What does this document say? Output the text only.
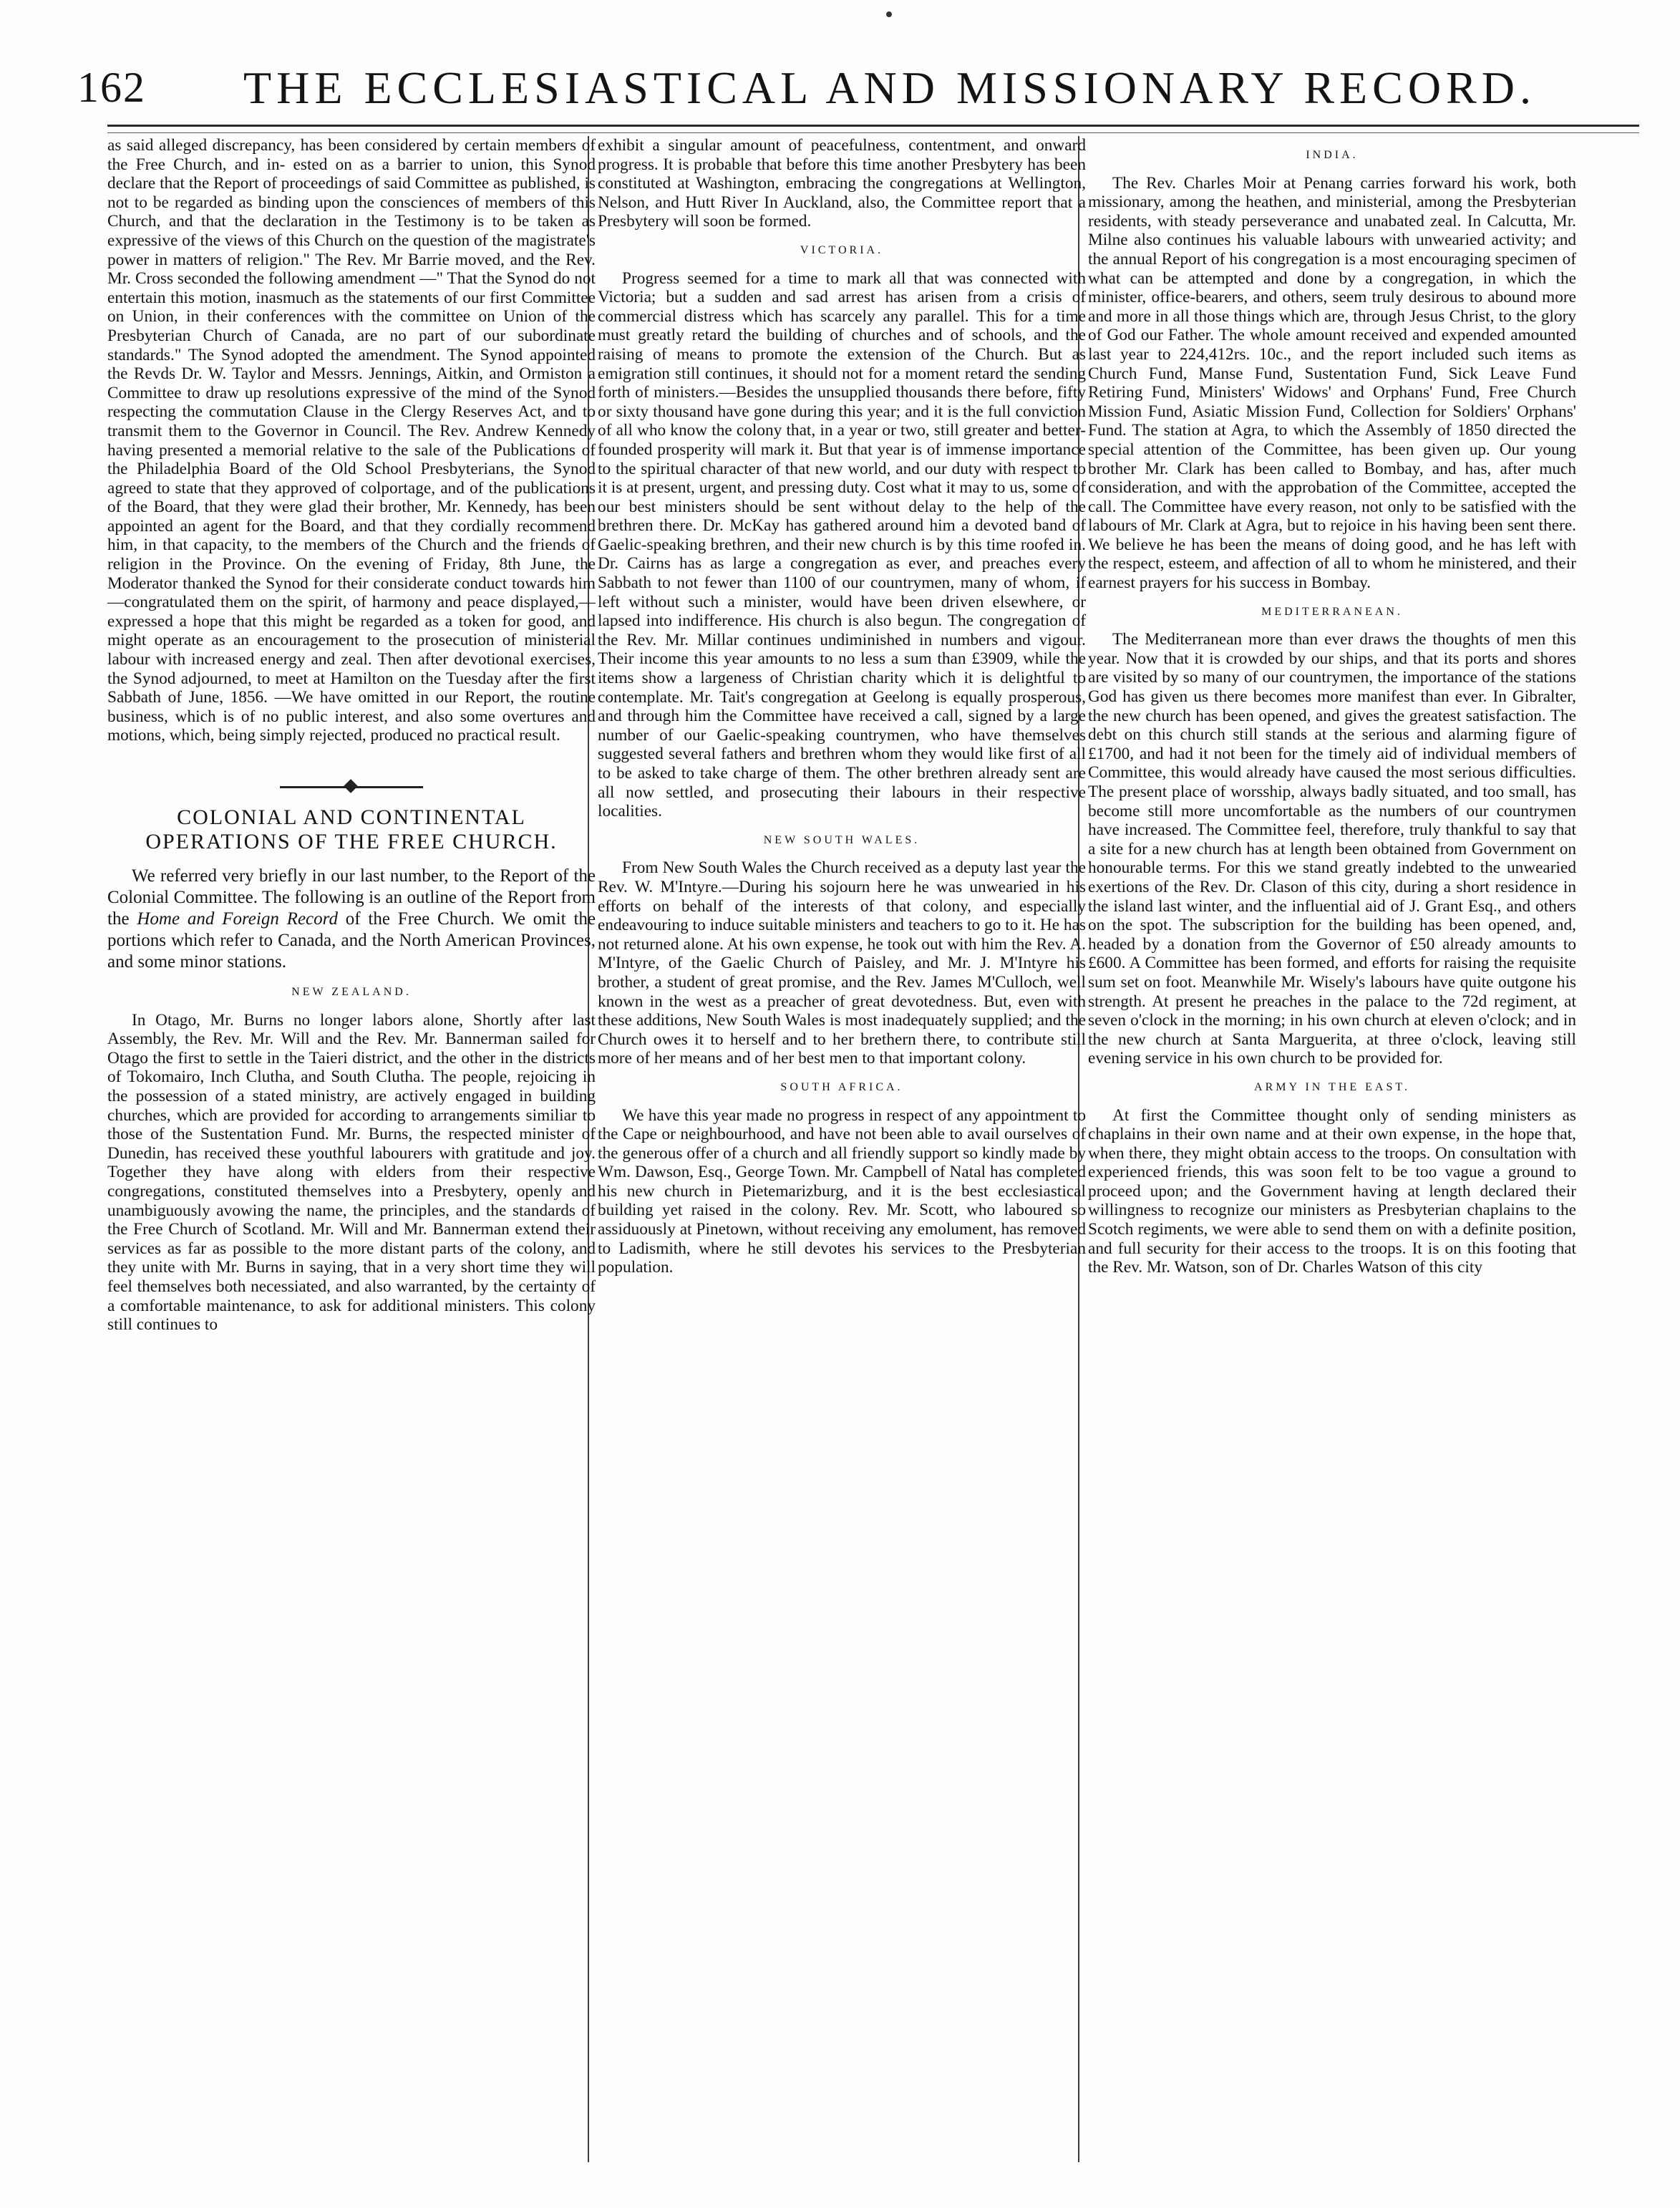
162	THE ECCLESIASTICAL AND MISSIONARY RECORD.

as said alleged discrepancy, has been considered by certain members of the Free Church, and in- ested on as a barrier to union, this Synod declare that the Report of proceedings of said Committee as published, is not to be regarded as binding upon the consciences of members of this Church, and that the declaration in the Testimony is to be taken as expressive of the views of this Church on the question of the magistrate's power in matters of religion." The Rev. Mr Barrie moved, and the Rev. Mr. Cross seconded the following amendment —" That the Synod do not entertain this motion, inasmuch as the statements of our first Committee on Union, in their conferences with the committee on Union of the Presbyterian Church of Canada, are no part of our subordinate standards." The Synod adopted the amendment. The Synod appointed the Revds Dr. W. Taylor and Messrs. Jennings, Aitkin, and Ormiston a Committee to draw up resolutions expressive of the mind of the Synod respecting the commutation Clause in the Clergy Reserves Act, and to transmit them to the Governor in Council. The Rev. Andrew Kennedy having presented a memorial relative to the sale of the Publications of the Philadelphia Board of the Old School Presbyterians, the Synod agreed to state that they approved of colportage, and of the publications of the Board, that they were glad their brother, Mr. Kennedy, has been appointed an agent for the Board, and that they cordially recommend him, in that capacity, to the members of the Church and the friends of religion in the Province. On the evening of Friday, 8th June, the Moderator thanked the Synod for their considerate conduct towards him—congratulated them on the spirit, of harmony and peace displayed,—expressed a hope that this might be regarded as a token for good, and might operate as an encouragement to the prosecution of ministerial labour with increased energy and zeal. Then after devotional exercises, the Synod adjourned, to meet at Hamilton on the Tuesday after the first Sabbath of June, 1856. —We have omitted in our Report, the routine business, which is of no public interest, and also some overtures and motions, which, being simply rejected, produced no practical result.

COLONIAL AND CONTINENTAL OPERATIONS OF THE FREE CHURCH.

We referred very briefly in our last number, to the Report of the Colonial Committee. The following is an outline of the Report from the Home and Foreign Record of the Free Church. We omit the portions which refer to Canada, and the North American Provinces, and some minor stations.

NEW ZEALAND.

In Otago, Mr. Burns no longer labors alone, Shortly after last Assembly, the Rev. Mr. Will and the Rev. Mr. Bannerman sailed for Otago the first to settle in the Taieri district, and the other in the districts of Tokomairo, Inch Clutha, and South Clutha. The people, rejoicing in the possession of a stated ministry, are actively engaged in building churches, which are provided for according to arrangements similiar to those of the Sustentation Fund. Mr. Burns, the respected minister of Dunedin, has received these youthful labourers with gratitude and joy. Together they have along with elders from their respective congregations, constituted themselves into a Presbytery, openly and unambiguously avowing the name, the principles, and the standards of the Free Church of Scotland. Mr. Will and Mr. Bannerman extend their services as far as possible to the more distant parts of the colony, and they unite with Mr. Burns in saying, that in a very short time they will feel themselves both necessiated, and also warranted, by the certainty of a comfortable maintenance, to ask for additional ministers. This colony still continues to

exhibit a singular amount of peacefulness, contentment, and onward progress. It is probable that before this time another Presbytery has been constituted at Washington, embracing the congregations at Wellington, Nelson, and Hutt River In Auckland, also, the Committee report that a Presbytery will soon be formed.

VICTORIA.

Progress seemed for a time to mark all that was connected with Victoria; but a sudden and sad arrest has arisen from a crisis of commercial distress which has scarcely any parallel. This for a time must greatly retard the building of churches and of schools, and the raising of means to promote the extension of the Church. But as emigration still continues, it should not for a moment retard the sending forth of ministers.—Besides the unsupplied thousands there before, fifty or sixty thousand have gone during this year; and it is the full conviction of all who know the colony that, in a year or two, still greater and better-founded prosperity will mark it. But that year is of immense importance to the spiritual character of that new world, and our duty with respect to it is at present, urgent, and pressing duty. Cost what it may to us, some of our best ministers should be sent without delay to the help of the brethren there. Dr. McKay has gathered around him a devoted band of Gaelic-speaking brethren, and their new church is by this time roofed in. Dr. Cairns has as large a congregation as ever, and preaches every Sabbath to not fewer than 1100 of our countrymen, many of whom, if left without such a minister, would have been driven elsewhere, or lapsed into indifference. His church is also begun. The congregation of the Rev. Mr. Millar continues undiminished in numbers and vigour. Their income this year amounts to no less a sum than £3909, while the items show a largeness of Christian charity which it is delightful to contemplate. Mr. Tait's congregation at Geelong is equally prosperous, and through him the Committee have received a call, signed by a large number of our Gaelic-speaking countrymen, who have themselves suggested several fathers and brethren whom they would like first of all to be asked to take charge of them. The other brethren already sent are all now settled, and prosecuting their labours in their respective localities.

NEW SOUTH WALES.

From New South Wales the Church received as a deputy last year the Rev. W. M'Intyre.—During his sojourn here he was unwearied in his efforts on behalf of the interests of that colony, and especially endeavouring to induce suitable ministers and teachers to go to it. He has not returned alone. At his own expense, he took out with him the Rev. A. M'Intyre, of the Gaelic Church of Paisley, and Mr. J. M'Intyre his brother, a student of great promise, and the Rev. James M'Culloch, well known in the west as a preacher of great devotedness. But, even with these additions, New South Wales is most inadequately supplied; and the Church owes it to herself and to her brethern there, to contribute still more of her means and of her best men to that important colony.

SOUTH AFRICA.

We have this year made no progress in respect of any appointment to the Cape or neighbourhood, and have not been able to avail ourselves of the generous offer of a church and all friendly support so kindly made by Wm. Dawson, Esq., George Town. Mr. Campbell of Natal has completed his new church in Pietemarizburg, and it is the best ecclesiastical building yet raised in the colony. Rev. Mr. Scott, who laboured so assiduously at Pinetown, without receiving any emolument, has removed to Ladismith, where he still devotes his services to the Presbyterian population.

INDIA.

The Rev. Charles Moir at Penang carries forward his work, both missionary, among the heathen, and ministerial, among the Presbyterian residents, with steady perseverance and unabated zeal. In Calcutta, Mr. Milne also continues his valuable labours with unwearied activity; and the annual Report of his congregation is a most encouraging specimen of what can be attempted and done by a congregation, in which the minister, office-bearers, and others, seem truly desirous to abound more and more in all those things which are, through Jesus Christ, to the glory of God our Father. The whole amount received and expended amounted last year to 224,412rs. 10c., and the report included such items as Church Fund, Manse Fund, Sustentation Fund, Sick Leave Fund Retiring Fund, Ministers' Widows' and Orphans' Fund, Free Church Mission Fund, Asiatic Mission Fund, Collection for Soldiers' Orphans' Fund. The station at Agra, to which the Assembly of 1850 directed the special attention of the Committee, has been given up. Our young brother Mr. Clark has been called to Bombay, and has, after much consideration, and with the approbation of the Committee, accepted the call. The Committee have every reason, not only to be satisfied with the labours of Mr. Clark at Agra, but to rejoice in his having been sent there. We believe he has been the means of doing good, and he has left with the respect, esteem, and affection of all to whom he ministered, and their earnest prayers for his success in Bombay.

MEDITERRANEAN.

The Mediterranean more than ever draws the thoughts of men this year. Now that it is crowded by our ships, and that its ports and shores are visited by so many of our countrymen, the importance of the stations God has given us there becomes more manifest than ever. In Gibralter, the new church has been opened, and gives the greatest satisfaction. The debt on this church still stands at the serious and alarming figure of £1700, and had it not been for the timely aid of individual members of Committee, this would already have caused the most serious difficulties. The present place of worsship, always badly situated, and too small, has become still more uncomfortable as the numbers of our countrymen have increased. The Committee feel, therefore, truly thankful to say that a site for a new church has at length been obtained from Government on honourable terms. For this we stand greatly indebted to the unwearied exertions of the Rev. Dr. Clason of this city, during a short residence in the island last winter, and the influential aid of J. Grant Esq., and others on the spot. The subscription for the building has been opened, and, headed by a donation from the Governor of £50 already amounts to £600. A Committee has been formed, and efforts for raising the requisite sum set on foot. Meanwhile Mr. Wisely's labours have quite outgone his strength. At present he preaches in the palace to the 72d regiment, at seven o'clock in the morning; in his own church at eleven o'clock; and in the new church at Santa Marguerita, at three o'clock, leaving still evening service in his own church to be provided for.

ARMY IN THE EAST.

At first the Committee thought only of sending ministers as chaplains in their own name and at their own expense, in the hope that, when there, they might obtain access to the troops. On consultation with experienced friends, this was soon felt to be too vague a ground to proceed upon; and the Government having at length declared their willingness to recognize our ministers as Presbyterian chaplains to the Scotch regiments, we were able to send them on with a definite position, and full security for their access to the troops. It is on this footing that the Rev. Mr. Watson, son of Dr. Charles Watson of this city
